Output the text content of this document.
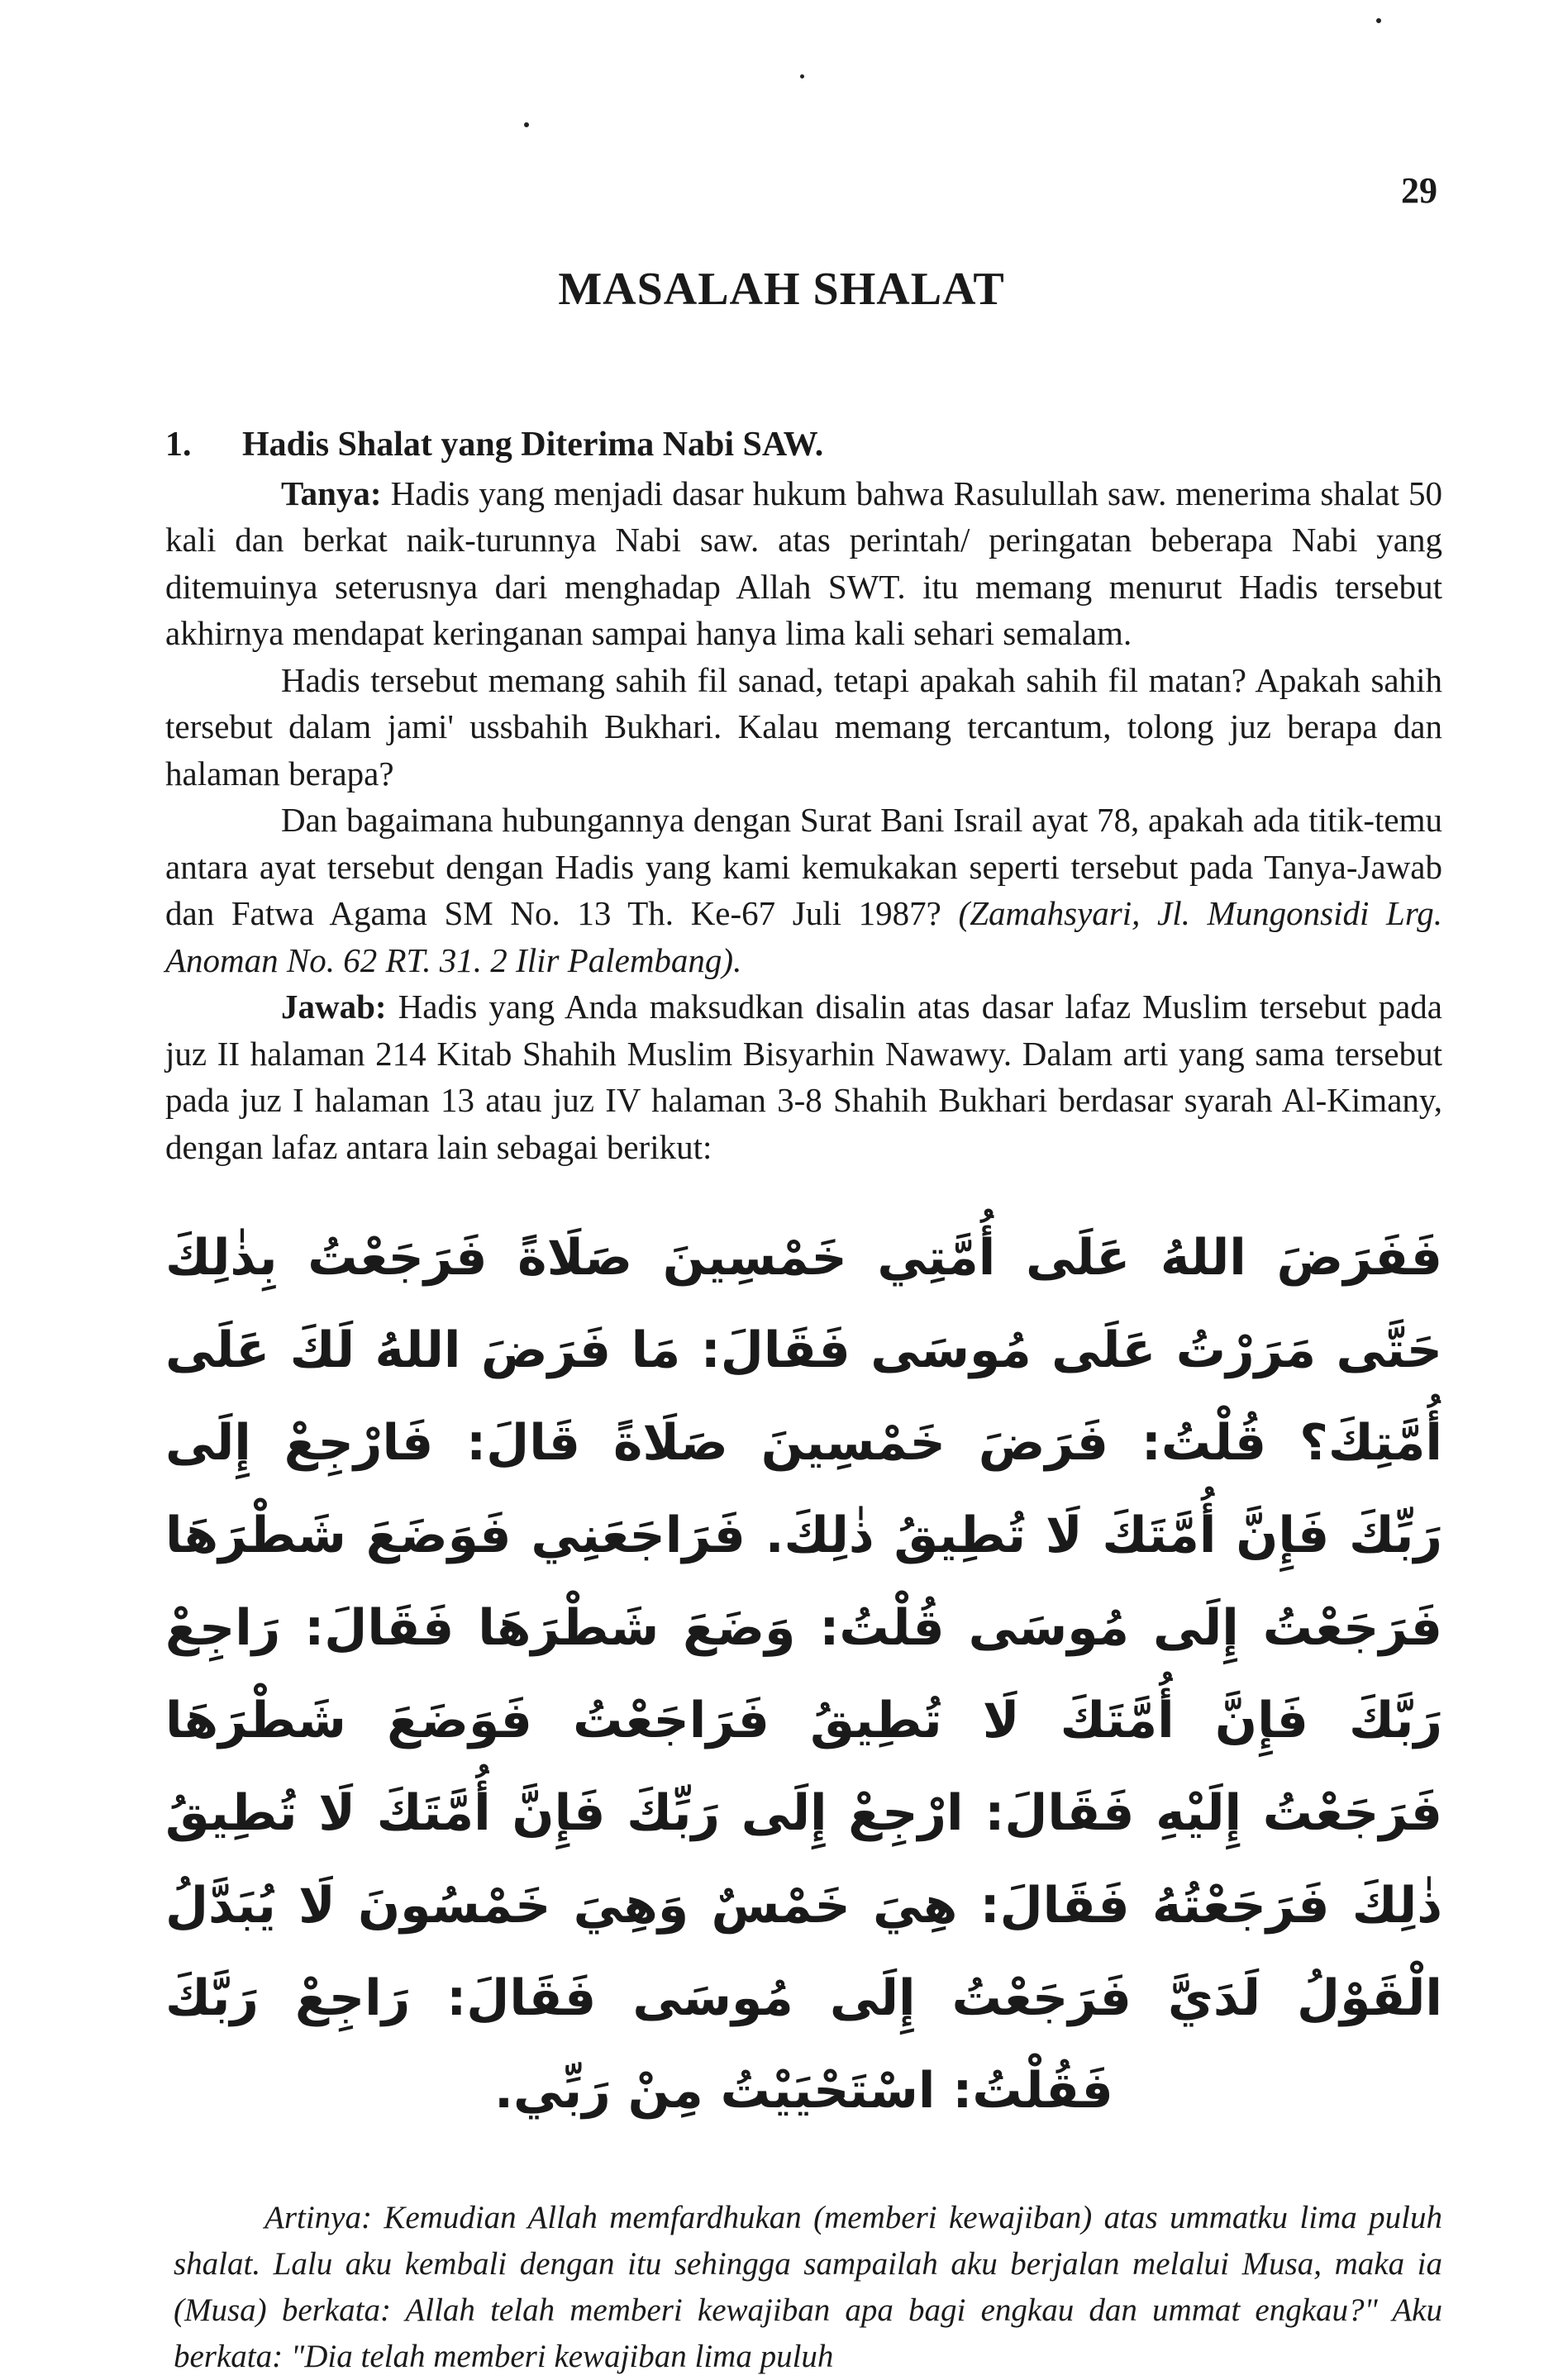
29
MASALAH SHALAT
1. Hadis Shalat yang Diterima Nabi SAW.

Tanya: Hadis yang menjadi dasar hukum bahwa Rasulullah saw. menerima shalat 50 kali dan berkat naik-turunnya Nabi saw. atas perintah/ peringatan beberapa Nabi yang ditemuinya seterusnya dari menghadap Allah SWT. itu memang menurut Hadis tersebut akhirnya mendapat keringanan sampai hanya lima kali sehari semalam.

Hadis tersebut memang sahih fil sanad, tetapi apakah sahih fil matan? Apakah sahih tersebut dalam jami' ussbahih Bukhari. Kalau memang tercantum, tolong juz berapa dan halaman berapa?

Dan bagaimana hubungannya dengan Surat Bani Israil ayat 78, apakah ada titik-temu antara ayat tersebut dengan Hadis yang kami kemukakan seperti tersebut pada Tanya-Jawab dan Fatwa Agama SM No. 13 Th. Ke-67 Juli 1987? (Zamahsyari, Jl. Mungonsidi Lrg. Anoman No. 62 RT. 31. 2 Ilir Palembang).

Jawab: Hadis yang Anda maksudkan disalin atas dasar lafaz Muslim tersebut pada juz II halaman 214 Kitab Shahih Muslim Bisyarhin Nawawy. Dalam arti yang sama tersebut pada juz I halaman 13 atau juz IV halaman 3-8 Shahih Bukhari berdasar syarah Al-Kimany, dengan lafaz antara lain sebagai berikut:

فَفَرَضَ اللهُ عَلَى أُمَّتِي خَمْسِينَ صَلَاةً فَرَجَعْتُ بِذٰلِكَ حَتَّى مَرَرْتُ عَلَى مُوسَى فَقَالَ: مَا فَرَضَ اللهُ لَكَ عَلَى أُمَّتِكَ؟ قُلْتُ: فَرَضَ خَمْسِينَ صَلَاةً قَالَ: فَارْجِعْ إِلَى رَبِّكَ فَإِنَّ أُمَّتَكَ لَا تُطِيقُ ذٰلِكَ. فَرَاجَعَنِي فَوَضَعَ شَطْرَهَا فَرَجَعْتُ إِلَى مُوسَى قُلْتُ: وَضَعَ شَطْرَهَا فَقَالَ: رَاجِعْ رَبَّكَ فَإِنَّ أُمَّتَكَ لَا تُطِيقُ فَرَاجَعْتُ فَوَضَعَ شَطْرَهَا فَرَجَعْتُ إِلَيْهِ فَقَالَ: ارْجِعْ إِلَى رَبِّكَ فَإِنَّ أُمَّتَكَ لَا تُطِيقُ ذٰلِكَ فَرَجَعْتُهُ فَقَالَ: هِيَ خَمْسٌ وَهِيَ خَمْسُونَ لَا يُبَدَّلُ الْقَوْلُ لَدَيَّ فَرَجَعْتُ إِلَى مُوسَى فَقَالَ: رَاجِعْ رَبَّكَ فَقُلْتُ: اسْتَحْيَيْتُ مِنْ رَبِّي.

Artinya: Kemudian Allah memfardhukan (memberi kewajiban) atas ummatku lima puluh shalat. Lalu aku kembali dengan itu sehingga sampailah aku berjalan melalui Musa, maka ia (Musa) berkata: Allah telah memberi kewajiban apa bagi engkau dan ummat engkau?" Aku berkata: "Dia telah memberi kewajiban lima puluh
